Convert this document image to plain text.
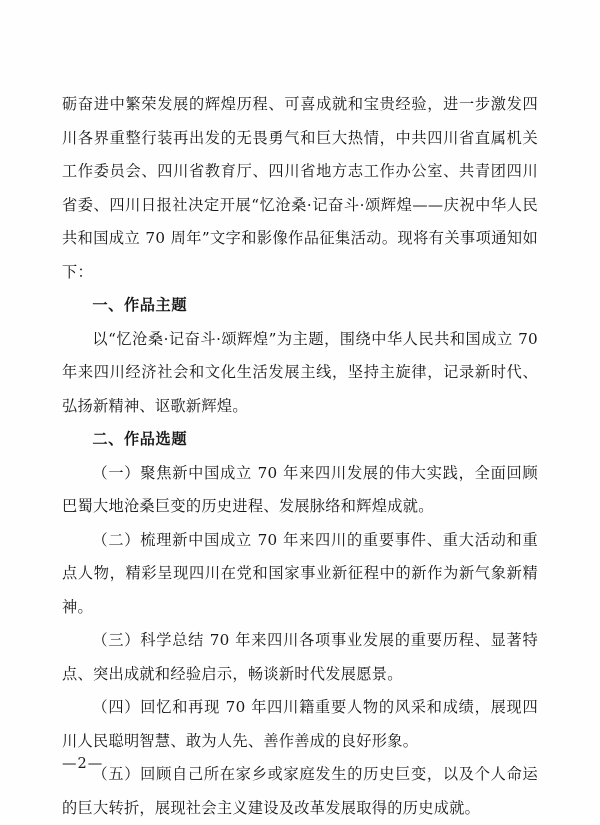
砺奋进中繁荣发展的辉煌历程、可喜成就和宝贵经验，进一步激发四川各界重整行装再出发的无畏勇气和巨大热情，中共四川省直属机关工作委员会、四川省教育厅、四川省地方志工作办公室、共青团四川省委、四川日报社决定开展“忆沧桑·记奋斗·颂辉煌——庆祝中华人民共和国成立 70 周年”文字和影像作品征集活动。现将有关事项通知如下：

一、作品主题

以“忆沧桑·记奋斗·颂辉煌”为主题，围绕中华人民共和国成立 70 年来四川经济社会和文化生活发展主线，坚持主旋律，记录新时代、弘扬新精神、讴歌新辉煌。

二、作品选题

（一）聚焦新中国成立 70 年来四川发展的伟大实践，全面回顾巴蜀大地沧桑巨变的历史进程、发展脉络和辉煌成就。

（二）梳理新中国成立 70 年来四川的重要事件、重大活动和重点人物，精彩呈现四川在党和国家事业新征程中的新作为新气象新精神。

（三）科学总结 70 年来四川各项事业发展的重要历程、显著特点、突出成就和经验启示，畅谈新时代发展愿景。

（四）回忆和再现 70 年四川籍重要人物的风采和成绩，展现四川人民聪明智慧、敢为人先、善作善成的良好形象。

（五）回顾自己所在家乡或家庭发生的历史巨变，以及个人命运的巨大转折，展现社会主义建设及改革发展取得的历史成就。

—2—
